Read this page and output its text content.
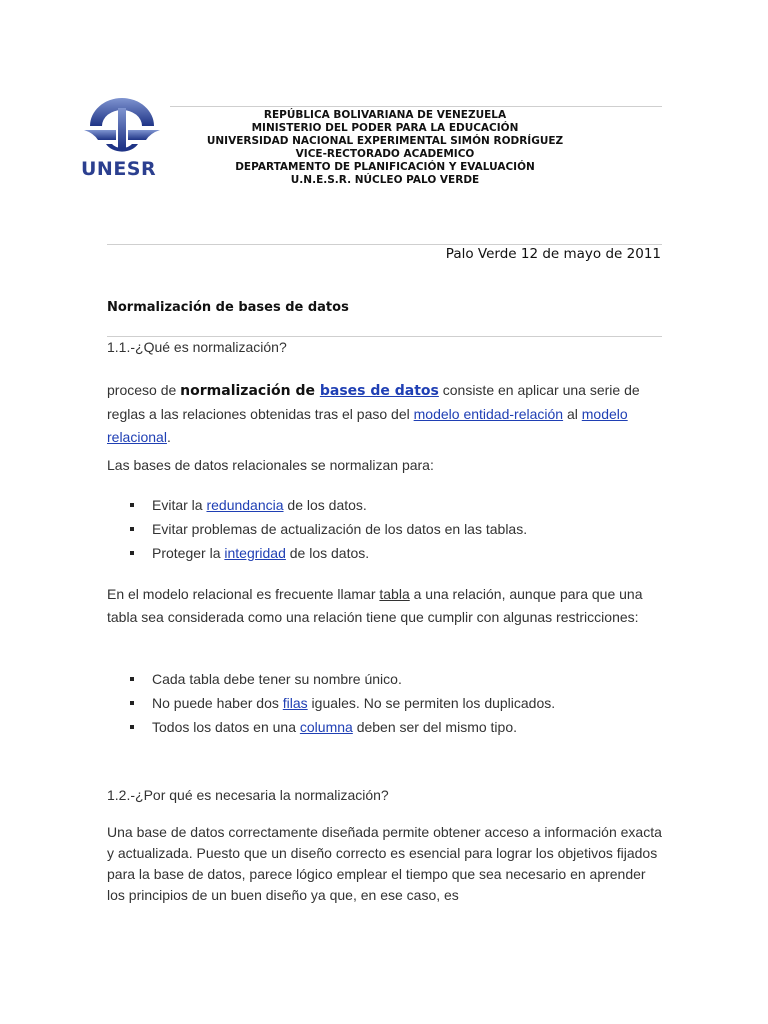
UNESR
REPÚBLICA BOLIVARIANA DE VENEZUELA
MINISTERIO DEL PODER PARA LA EDUCACIÓN
UNIVERSIDAD NACIONAL EXPERIMENTAL SIMÓN RODRÍGUEZ
VICE-RECTORADO ACADEMICO
DEPARTAMENTO DE PLANIFICACIÓN Y EVALUACIÓN
U.N.E.S.R. NÚCLEO PALO VERDE
Palo Verde 12 de mayo de 2011
Normalización de bases de datos
1.1.-¿Qué es normalización?
proceso de normalización de bases de datos consiste en aplicar una serie de reglas a las relaciones obtenidas tras el paso del modelo entidad-relación al modelo relacional.
Las bases de datos relacionales se normalizan para:
Evitar la redundancia de los datos.
Evitar problemas de actualización de los datos en las tablas.
Proteger la integridad de los datos.
En el modelo relacional es frecuente llamar tabla a una relación, aunque para que una tabla sea considerada como una relación tiene que cumplir con algunas restricciones:
Cada tabla debe tener su nombre único.
No puede haber dos filas iguales. No se permiten los duplicados.
Todos los datos en una columna deben ser del mismo tipo.
1.2.-¿Por qué es necesaria la normalización?
Una base de datos correctamente diseñada permite obtener acceso a información exacta y actualizada. Puesto que un diseño correcto es esencial para lograr los objetivos fijados para la base de datos, parece lógico emplear el tiempo que sea necesario en aprender los principios de un buen diseño ya que, en ese caso, es
